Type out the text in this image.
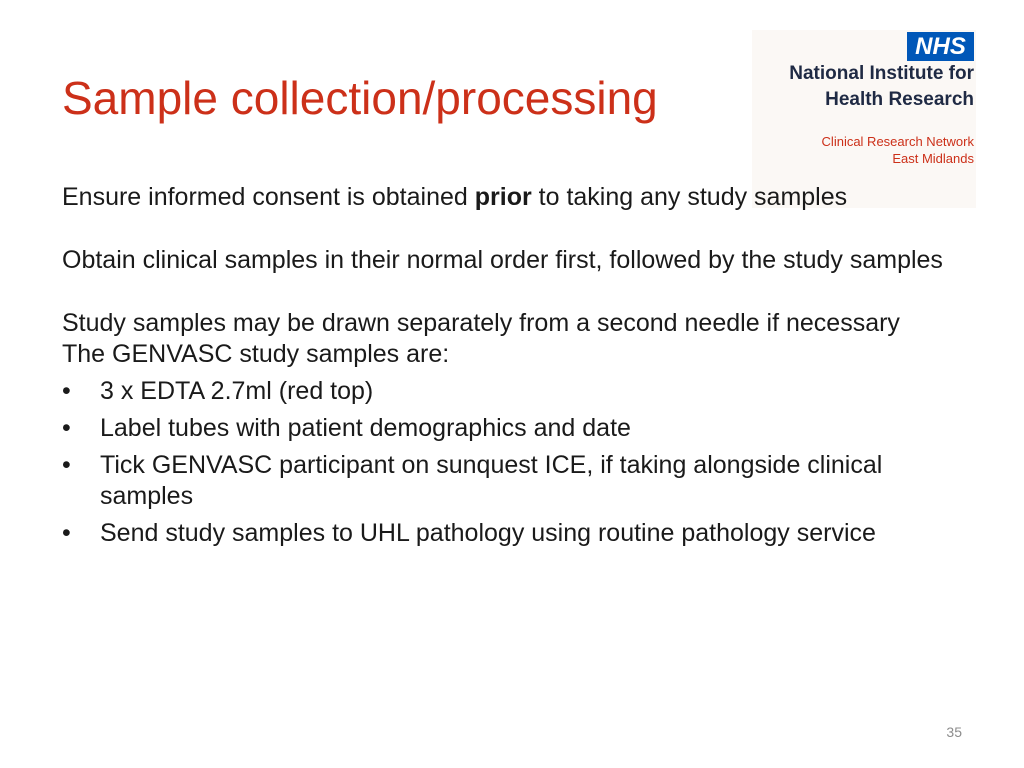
Sample collection/processing
NHS
National Institute for
Health Research
Clinical Research Network
East Midlands

Ensure informed consent is obtained prior to taking any study samples

Obtain clinical samples in their normal order first, followed by the study samples

Study samples may be drawn separately from a second needle if necessary

The GENVASC study samples are:

• 3 x EDTA 2.7ml (red top)
• Label tubes with patient demographics and date
• Tick GENVASC participant on sunquest ICE, if taking alongside clinical samples
• Send study samples to UHL pathology using routine pathology service
35
